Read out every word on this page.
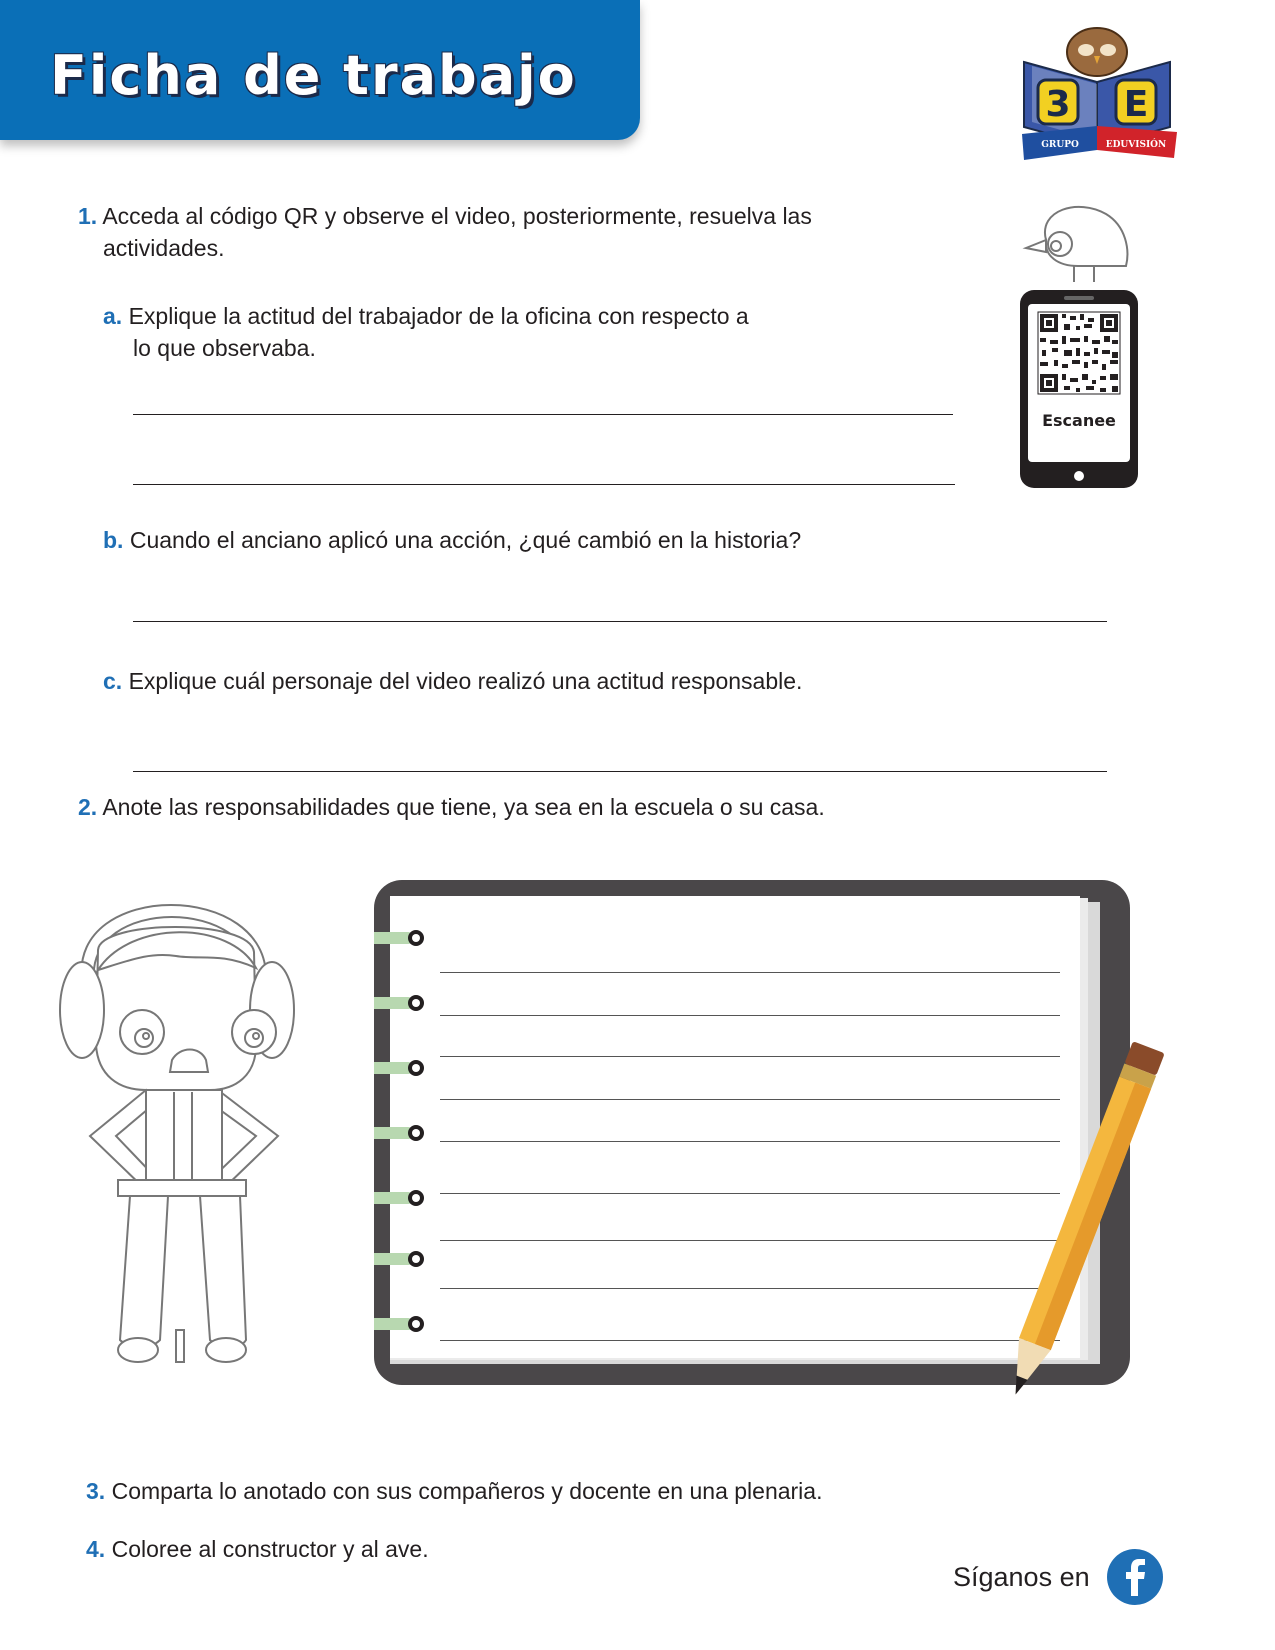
Ficha de trabajo	3 E
GRUPO	EDUVISIÓN
1. Acceda al código QR y observe el video, posteriormente, resuelva las
actividades.
a. Explique la actitud del trabajador de la oficina con respecto a
lo que observaba.
b. Cuando el anciano aplicó una acción, ¿qué cambió en la historia?
c. Explique cuál personaje del video realizó una actitud responsable.
Escanee
2. Anote las responsabilidades que tiene, ya sea en la escuela o su casa.
3. Comparta lo anotado con sus compañeros y docente en una plenaria.
4. Coloree al constructor y al ave.
Síganos en
